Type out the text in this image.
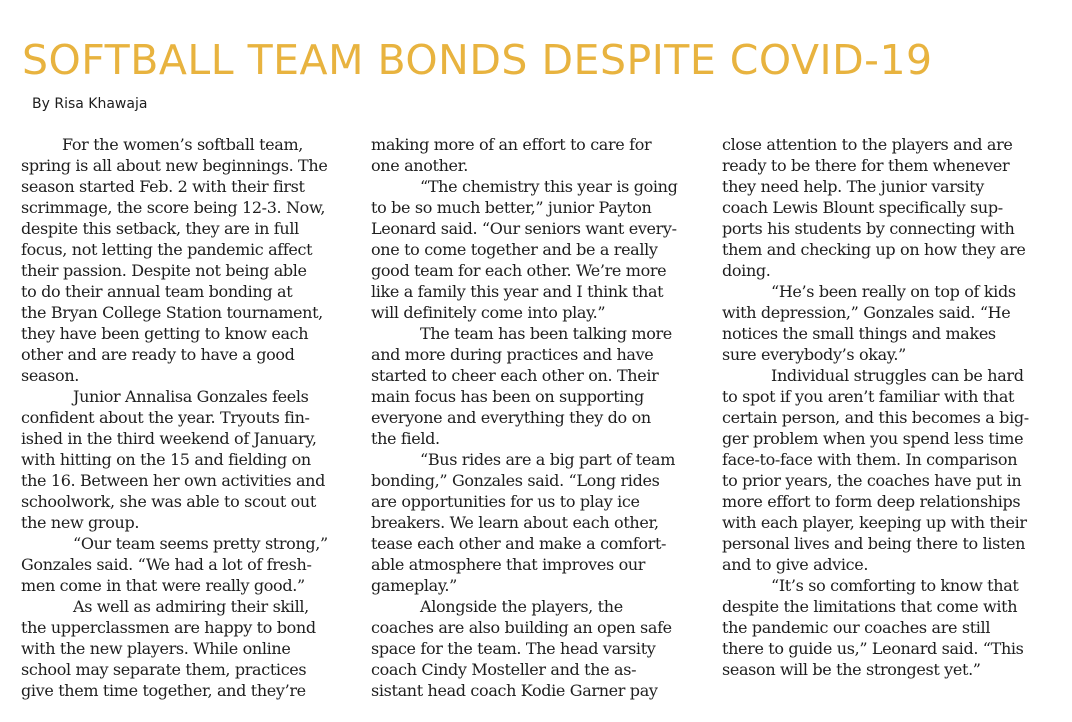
SOFTBALL TEAM BONDS DESPITE COVID-19
By Risa Khawaja
For the women’s softball team,
spring is all about new beginnings. The
season started Feb. 2 with their first
scrimmage, the score being 12-3. Now,
despite this setback, they are in full
focus, not letting the pandemic affect
their passion. Despite not being able
to do their annual team bonding at
the Bryan College Station tournament,
they have been getting to know each
other and are ready to have a good
season.
Junior Annalisa Gonzales feels
confident about the year. Tryouts fin-
ished in the third weekend of January,
with hitting on the 15 and fielding on
the 16. Between her own activities and
schoolwork, she was able to scout out
the new group.
“Our team seems pretty strong,”
Gonzales said. “We had a lot of fresh-
men come in that were really good.”
As well as admiring their skill,
the upperclassmen are happy to bond
with the new players. While online
school may separate them, practices
give them time together, and they’re
making more of an effort to care for
one another.
“The chemistry this year is going
to be so much better,” junior Payton
Leonard said. “Our seniors want every-
one to come together and be a really
good team for each other. We’re more
like a family this year and I think that
will definitely come into play.”
The team has been talking more
and more during practices and have
started to cheer each other on. Their
main focus has been on supporting
everyone and everything they do on
the field.
“Bus rides are a big part of team
bonding,” Gonzales said. “Long rides
are opportunities for us to play ice
breakers. We learn about each other,
tease each other and make a comfort-
able atmosphere that improves our
gameplay.”
Alongside the players, the
coaches are also building an open safe
space for the team. The head varsity
coach Cindy Mosteller and the as-
sistant head coach Kodie Garner pay
close attention to the players and are
ready to be there for them whenever
they need help. The junior varsity
coach Lewis Blount specifically sup-
ports his students by connecting with
them and checking up on how they are
doing.
“He’s been really on top of kids
with depression,” Gonzales said. “He
notices the small things and makes
sure everybody’s okay.”
Individual struggles can be hard
to spot if you aren’t familiar with that
certain person, and this becomes a big-
ger problem when you spend less time
face-to-face with them. In comparison
to prior years, the coaches have put in
more effort to form deep relationships
with each player, keeping up with their
personal lives and being there to listen
and to give advice.
“It’s so comforting to know that
despite the limitations that come with
the pandemic our coaches are still
there to guide us,” Leonard said. “This
season will be the strongest yet.”
